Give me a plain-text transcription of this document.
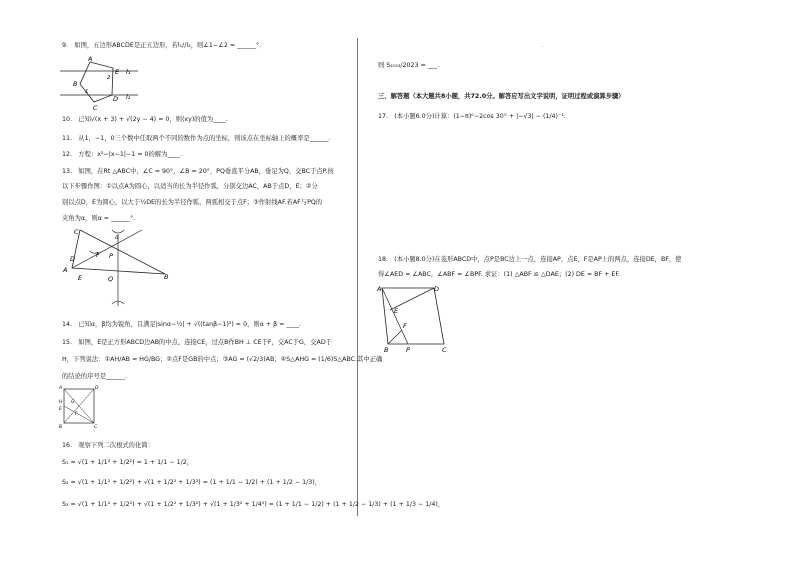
..
9.　如图，五边形ABCDE是正五边形，若l₁//l₂，则∠1−∠2 = ______°.
A
B
C
D
E
1
2
l₁
l₂
10.　已知√(x + 3) + √(2y − 4) = 0，则(xy)的值为____.
11.　从1，−1，0三个数中任取两个不同的数作为点的坐标，则该点在坐标轴上的概率是______.
12.　方程：x²−|x−1|−1 = 0的解为____.
13.　如图，在Rt △ABC中，∠C = 90°，∠B = 20°，PQ垂直平分AB，垂足为Q，交BC于点P.按
以下步骤作图：①以点A为圆心，以适当的长为半径作弧，分别交边AC，AB于点D，E；②分
别以点D，E为圆心，以大于½DE的长为半径作弧，两弧相交于点F；③作射线AF.若AF与PQ的
夹角为α，则α = ______°.
C
α
A
D	F
E
P
Q	B
14.　已知α，β均为锐角，且满足|sinα−½| + √((tanβ−1)²) = 0，则α + β = ____.
15.　如图，E是正方形ABCD边AB的中点，连接CE，过点B作BH ⊥ CE于F，交AC于G，交AD于
H，下列说法：①AH/AB = HG/BG；②点F是GB的中点；③AG = (√2/3)AB；④S△AHG = (1/6)S△ABC.其中正确
的结论的序号是______.
A	D
H G
E
F
B	C
16.　观察下列二次根式的化简：
S₁ = √(1 + 1/1² + 1/2²) = 1 + 1/1 − 1/2，
S₂ = √(1 + 1/1² + 1/2²) + √(1 + 1/2² + 1/3²) = (1 + 1/1 − 1/2) + (1 + 1/2 − 1/3)，
S₃ = √(1 + 1/1² + 1/2²) + √(1 + 1/2² + 1/3²) + √(1 + 1/3² + 1/4²) = (1 + 1/1 − 1/2) + (1 + 1/2 − 1/3) + (1 + 1/3 − 1/4)，
则 S₂₀₂₃/2023 = ___.
三、解答题（本大题共8小题，共72.0分。解答应写出文字说明，证明过程或演算步骤）
17.　(本小题6.0分)计算：(1−π)⁰−2cos 30° + |−√3| − (1/4)⁻¹.
18.　(本小题8.0分)在菱形ABCD中，点P是BC边上一点，连接AP，点E，F是AP上的两点，连接DE，BF，使
得∠AED = ∠ABC，∠ABF = ∠BPF. 求证：(1) △ABF ≌ △DAE；(2) DE = BF + EF.
A	D
E
F
B	P	C
